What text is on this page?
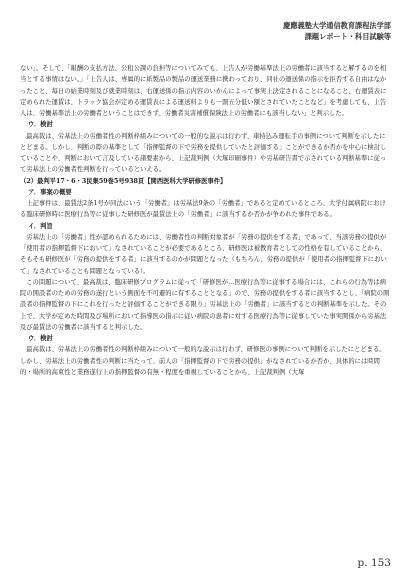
慶應義塾大学通信教育課程法学部
課題レポート・科目試験等

ない」。そして、「報酬の支払方法、公租公課の負担等についてみても、上告人が労働基準法上の労働者に該当すると解するのを相当とする事情はない。」「上告人は、専属的に紙製品の製品の運送業務に携わっており、同社の運送係の指示を拒否する自由はなかったこと、毎日の始業時刻及び就業時刻は、右運送係の指示内容のいかんによって事実上決定されることになること、右運賃表に定められた運賃は、トラック協会が定める運賃表による運送料よりも一割五分低い額とされていたことなど」を考慮しても、上告人は、労働基準法上の労働者ということはできず、労働者災害補償保険法上の労働者にも該当しない」と判示した。

ウ．検討

最高裁は、労基法上の労働者性の判断枠組みについての一般的な説示は行わず、車持込み運転手の事例について判断を示したにとどまる。しかし、判断の際の基準として「指揮監督の下で労務を提供していたと評価する」ことができるか否かを中心に検討していることや、判断において言及している諸要素から、上記裁判例（大塚印刷事件）や労基研告書で示されている判断基準に従って労基法上の労働者性判断を行っているといえる。

（2）最判平17・6・3民集59巻5号938頁【関西医科大学研修医事件】

ア．事案の概要

上記事件は、最賃法2条1号が同法にいう「労働者」は労基法9条の「労働者」であると定めているところ、大学付属病院における臨床研修時に医療行為等に従事した研修医が最賃法上の「労働者」に該当するか否かが争われた事件である。

イ．判旨

労基法上の「労働者」性が認められるためには、労働者性の判断対象者が「労務の提供をする者」であって、当該労務の提供が「使用者の指揮監督下において」なされていることが必要であるところ、研修医は被教育者としての性格を有していることから、そもそも研修医が「労務の提供をする者」に該当するのかが問題となった（もちろん、労務の提供が「使用者の指揮監督下において」なされていることも問題となっている）。

この問題について、最高裁は、臨床研修プログラムに従って「研修医が…医療行為等に従事する場合には、これらの行為等は病院の開設者のための労務の遂行という側面を不可避的に有することとなる」ので、労務の提供をする者に該当するとし、「病院の開設者の指揮監督の下にこれを行ったと評価することができる限り」労基法上の「労働者」に該当するとの判断基準を示した。その上で、大学が定めた時間及び場所において指導医の指示に従い病院の患者に対する医療行為等に従事していた事実関係から労基法及び最賃法の労働者に該当すると判示した。

ウ．検討

最高裁は、労基法上の労働者性の判断枠組みについて一般的な説示は行わず、研修医の事例について判断を示したにとどまる。しかし、労基法上の労働者性の判断に当たって、前人の「指揮監督の下で労務の提供」がなされているか否か、具体的には時間的・場所的高束性と業務遂行上の指揮監督の有無・程度を重視していることから、上記裁判例（大塚

p. 153
